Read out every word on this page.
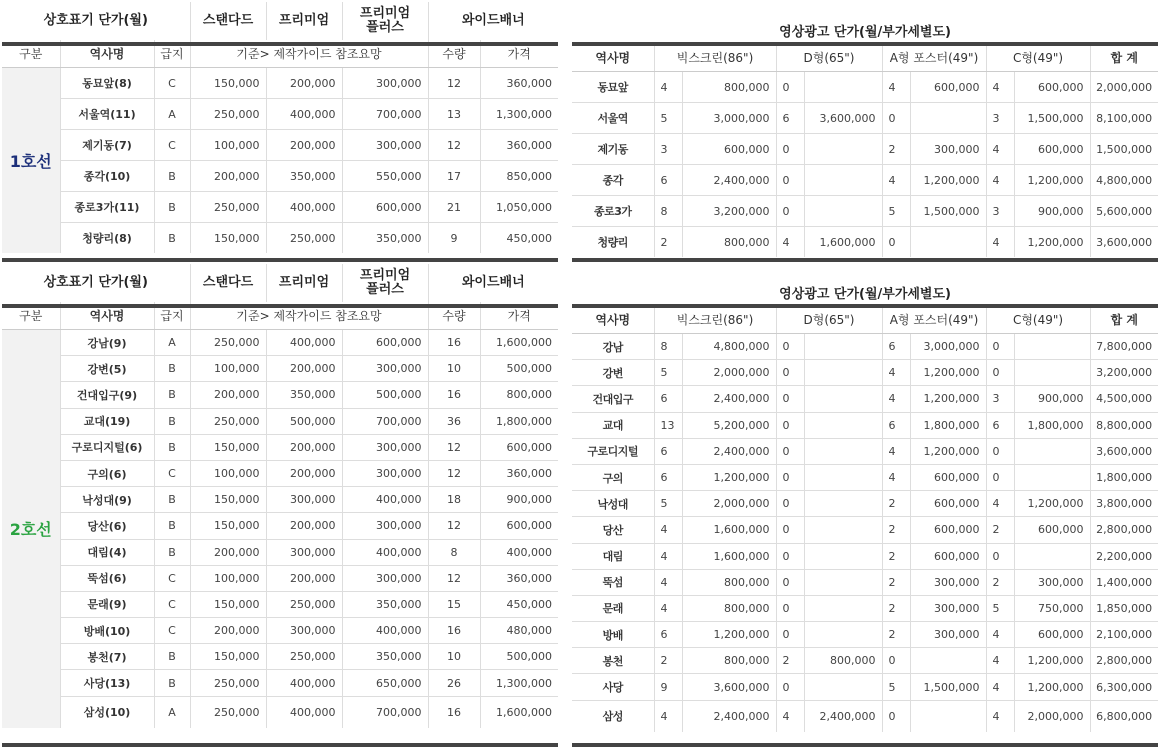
상호표기 단가(월)			스탠다드	프리미엄	프리미엄
플러스	와이드배너	
구분	역사명	급지	기준> 제작가이드 참조요망			수량	가격
1호선	동묘앞(8)	C	150,000	200,000	300,000	12	360,000
	서울역(11)	A	250,000	400,000	700,000	13	1,300,000
	제기동(7)	C	100,000	200,000	300,000	12	360,000
	종각(10)	B	200,000	350,000	550,000	17	850,000
	종로3가(11)	B	250,000	400,000	600,000	21	1,050,000
	청량리(8)	B	150,000	250,000	350,000	9	450,000
영상광고 단가(월/부가세별도)									
역사명	빅스크린(86")		D형(65")		A형 포스터(49")		C형(49")		합 계
동묘앞	4	800,000	0		4	600,000	4	600,000	2,000,000
서울역	5	3,000,000	6	3,600,000	0		3	1,500,000	8,100,000
제기동	3	600,000	0		2	300,000	4	600,000	1,500,000
종각	6	2,400,000	0		4	1,200,000	4	1,200,000	4,800,000
종로3가	8	3,200,000	0		5	1,500,000	3	900,000	5,600,000
청량리	2	800,000	4	1,600,000	0		4	1,200,000	3,600,000
상호표기 단가(월)			스탠다드	프리미엄	프리미엄
플러스	와이드배너	
구분	역사명	급지	기준> 제작가이드 참조요망			수량	가격
2호선	강남(9)	A	250,000	400,000	600,000	16	1,600,000
	강변(5)	B	100,000	200,000	300,000	10	500,000
	건대입구(9)	B	200,000	350,000	500,000	16	800,000
	교대(19)	B	250,000	500,000	700,000	36	1,800,000
	구로디지털(6)	B	150,000	200,000	300,000	12	600,000
	구의(6)	C	100,000	200,000	300,000	12	360,000
	낙성대(9)	B	150,000	300,000	400,000	18	900,000
	당산(6)	B	150,000	200,000	300,000	12	600,000
	대림(4)	B	200,000	300,000	400,000	8	400,000
	뚝섬(6)	C	100,000	200,000	300,000	12	360,000
	문래(9)	C	150,000	250,000	350,000	15	450,000
	방배(10)	C	200,000	300,000	400,000	16	480,000
	봉천(7)	B	150,000	250,000	350,000	10	500,000
	사당(13)	B	250,000	400,000	650,000	26	1,300,000
	삼성(10)	A	250,000	400,000	700,000	16	1,600,000
영상광고 단가(월/부가세별도)									
역사명	빅스크린(86")		D형(65")		A형 포스터(49")		C형(49")		합 계
강남	8	4,800,000	0		6	3,000,000	0		7,800,000
강변	5	2,000,000	0		4	1,200,000	0		3,200,000
건대입구	6	2,400,000	0		4	1,200,000	3	900,000	4,500,000
교대	13	5,200,000	0		6	1,800,000	6	1,800,000	8,800,000
구로디지털	6	2,400,000	0		4	1,200,000	0		3,600,000
구의	6	1,200,000	0		4	600,000	0		1,800,000
낙성대	5	2,000,000	0		2	600,000	4	1,200,000	3,800,000
당산	4	1,600,000	0		2	600,000	2	600,000	2,800,000
대림	4	1,600,000	0		2	600,000	0		2,200,000
뚝섬	4	800,000	0		2	300,000	2	300,000	1,400,000
문래	4	800,000	0		2	300,000	5	750,000	1,850,000
방배	6	1,200,000	0		2	300,000	4	600,000	2,100,000
봉천	2	800,000	2	800,000	0		4	1,200,000	2,800,000
사당	9	3,600,000	0		5	1,500,000	4	1,200,000	6,300,000
삼성	4	2,400,000	4	2,400,000	0		4	2,000,000	6,800,000
